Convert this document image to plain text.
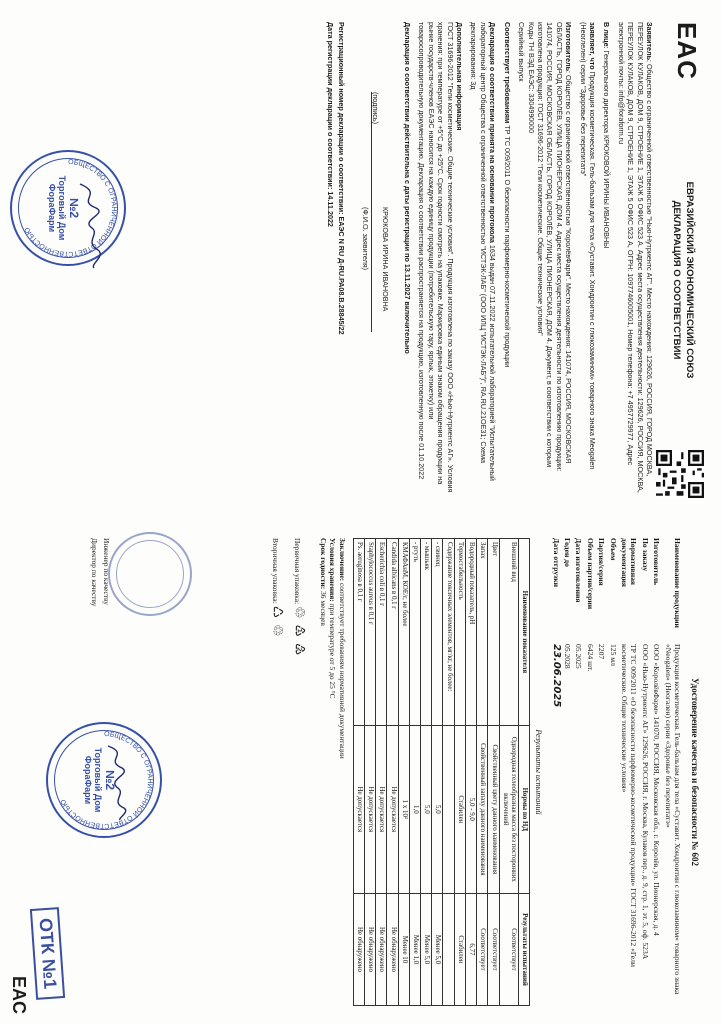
EAC
ЕВРАЗИЙСКИЙ ЭКОНОМИЧЕСКИЙ СОЮЗ
ДЕКЛАРАЦИЯ О СООТВЕТСТВИИ

Заявитель: Общество с ограниченной ответственностью "Нью-Нутриентс АГ". Место нахождения: 129626, РОССИЯ, ГОРОД МОСКВА, ПЕРЕУЛОК КУЛАКОВ, ДОМ 9, СТРОЕНИЕ 1, ЭТАЖ 5 ОФИС 523 А. Адрес места осуществления деятельности: 129626, РОССИЯ, МОСКВА, ПЕРЕУЛОК КУЛАКОВ, ДОМ 9, СТРОЕНИЕ 1, ЭТАЖ 5 ОФИС 523 А, ОГРН: 1097746005001, Номер телефона: +7 4957729977, Адрес электронной почты: info@foraform.ru

В лице: Генерального директора КРЮКОВОЙ ИРИНЫ ИВАНОВНЫ

заявляет, что Продукция косметическая. Гель-бальзам для тела «Суставит. Хондроитин с глюкозамином» товарного знака Meogalen (Неоглелен) серии "Здоровье без перепитатэ"

Изготовитель: Общество с ограниченной ответственностью "КоролёвФарм". Место нахождения: 141074, РОССИЯ, МОСКОВСКАЯ ОБЛАСТЬ, ГОРОД КОРОЛЁВ, УЛИЦА ПИОНЕРСКАЯ, ДОМ 4. Адрес места осуществления деятельности по изготовлению продукции: 141074, РОССИЯ, МОСКОВСКАЯ ОБЛАСТЬ, ГОРОД КОРОЛЁВ, УЛИЦА ПИОНЕРСКАЯ, ДОМ 4. Документ, в соответствии с которым изготовлена продукция: ГОСТ 31696-2012 "Гели косметические. Общие технические условия"
Коды ТН ВЭД ЕАЭС: 3304990000
Серийный выпуск

Соответствует требованиям ТР ТС 009/2011 О безопасности парфюмерно-косметической продукции

Декларация о соответствии принята на основании протокола 1634 выдан 07.11.2022 испытательной лабораторией "Испытательный лабораторный центр Общества с ограниченной ответственностью "ИСТЭК-ЛАБ" (ООО ИЛЦ "ИСТЭК-ЛАБ")", RA.RU.21ОЕ31; Схема декларирования: 3д

Дополнительная информация
ГОСТ 31696-2012 "Гели косметические. Общие технические условия". Продукция изготовлена по заказу ООО «Нью-Нутриентс АГ». Условия хранения: при температуре от +5°С до +25°С. Срок годности смотреть на упаковке. Маркировка единым знаком обращения продукции на рынке государств-членов ЕАЭС наносится на каждую единицу продукции (потребительскую тару, ярлык, этикетку) или товаросопроводительную документацию. Декларация о соответствии распространяется на продукцию, изготовленную после 01.10.2022

Декларация о соответствии действительна с даты регистрации по 13.11.2027 включительно

(подпись)
КРЮКОВА ИРИНА ИВАНОВНА
(Ф.И.О. заявителя)
Регистрационный номер декларации о соответствии: ЕАЭС N RU Д-RU.РА08.В.28845/22
Дата регистрации декларации о соответствии: 14.11.2022
ОБЩЕСТВО С ОГРАНИЧЕННОЙ ОТВЕТСТВЕННОСТЬЮ
№2
Торговый Дом
ФораФарм
Удостоверение качества и безопасности № 602
Наименование продукции
Продукция косметическая. Гель-бальзам для тела «Суставит. Хондроитин с глюкозамином» товарного знака «Neogalen» (Неогален) серии «Здоровье без перепитатэ»
Изготовитель
ООО «КоролёвФарм» 141070, РОССИЯ, Московская обл., г. Королёв, ул. Пионерская, д. 4
По заказу
ООО «Нью-Нутриентс АГ» 129626, РОССИЯ, г. Москва, Кулаков пер., д. 9, стр. 1, эт. 5, оф. 523А
Нормативная документация
ТР ТС 009/2011 «О безопасности парфюмерно-косметической продукции» ГОСТ 31696-2012 «Гели косметические. Общие технические условия»
Объем
125 мл
Партия/серия
2207
Объем партии/серии
6424 шт.
Дата изготовления
05.2025
Годен до
05.2028
Дата отгрузки
23.06.2025
Результаты испытаний
Наименование показателя	Нормы по НД	Результаты испытаний
Внешний вид	Однородная гелеобразная масса без посторонних включений	Соответствует
Цвет	Свойственный цвету данного наименования	Соответствует
Запах	Свойственный запаху данного наименования	Соответствует
Водородный показатель, рН	5,0 - 9,0	6,77
Термостабильность	Стабилен	Стабилен
Содержание токсичных элементов, мг/кг, не более:		
- свинец	5,0	Менее 5,0
- мышьяк	5,0	Менее 5,0
- ртуть	1,0	Менее 1,0
КМАФАнМ, КОЕ/г, не более	1 х 10³	Менее 10
Candida albicans в 0,1 г	Не допускается	Не обнаружено
Escherichia coli в 0,1 г	Не допускается	Не обнаружено
Staphylococcus aureus в 0,1 г	Не допускается	Не обнаружено
Ps. aeruginosa в 0,1 г	Не допускается	Не обнаружено
Заключение: соответствует требованиям нормативной документации
Условия хранения: при температуре от 5 до 25 °С
Срок годности: 36 месяцев
Первичная упаковка: ♲ ♳ ♴
Вторичная упаковка: ♺ ♲
Инженер по качеству
Директор по качеству
ОБЩЕСТВО С ОГРАНИЧЕННОЙ ОТВЕТСТВЕННОСТЬЮ
№2
Торговый Дом
ФораФарм
ОТК №1
EAC
